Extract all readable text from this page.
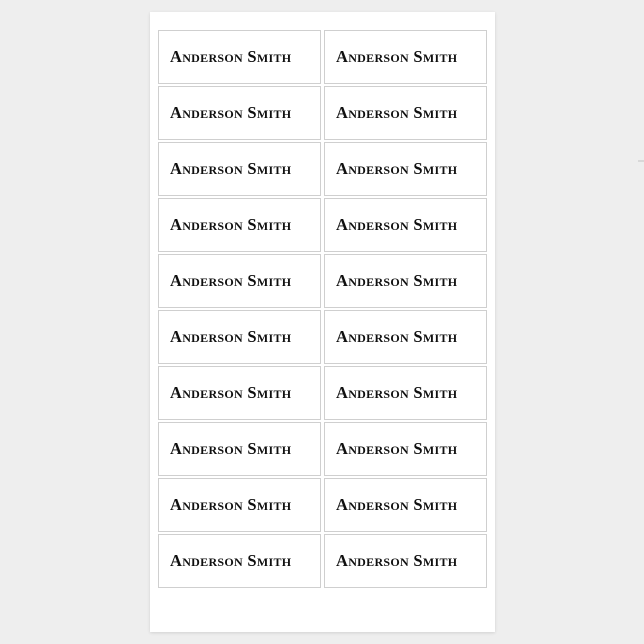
Anderson Smith	Anderson Smith
Anderson Smith	Anderson Smith
Anderson Smith	Anderson Smith
Anderson Smith	Anderson Smith
Anderson Smith	Anderson Smith
Anderson Smith	Anderson Smith
Anderson Smith	Anderson Smith
Anderson Smith	Anderson Smith
Anderson Smith	Anderson Smith
Anderson Smith	Anderson Smith
